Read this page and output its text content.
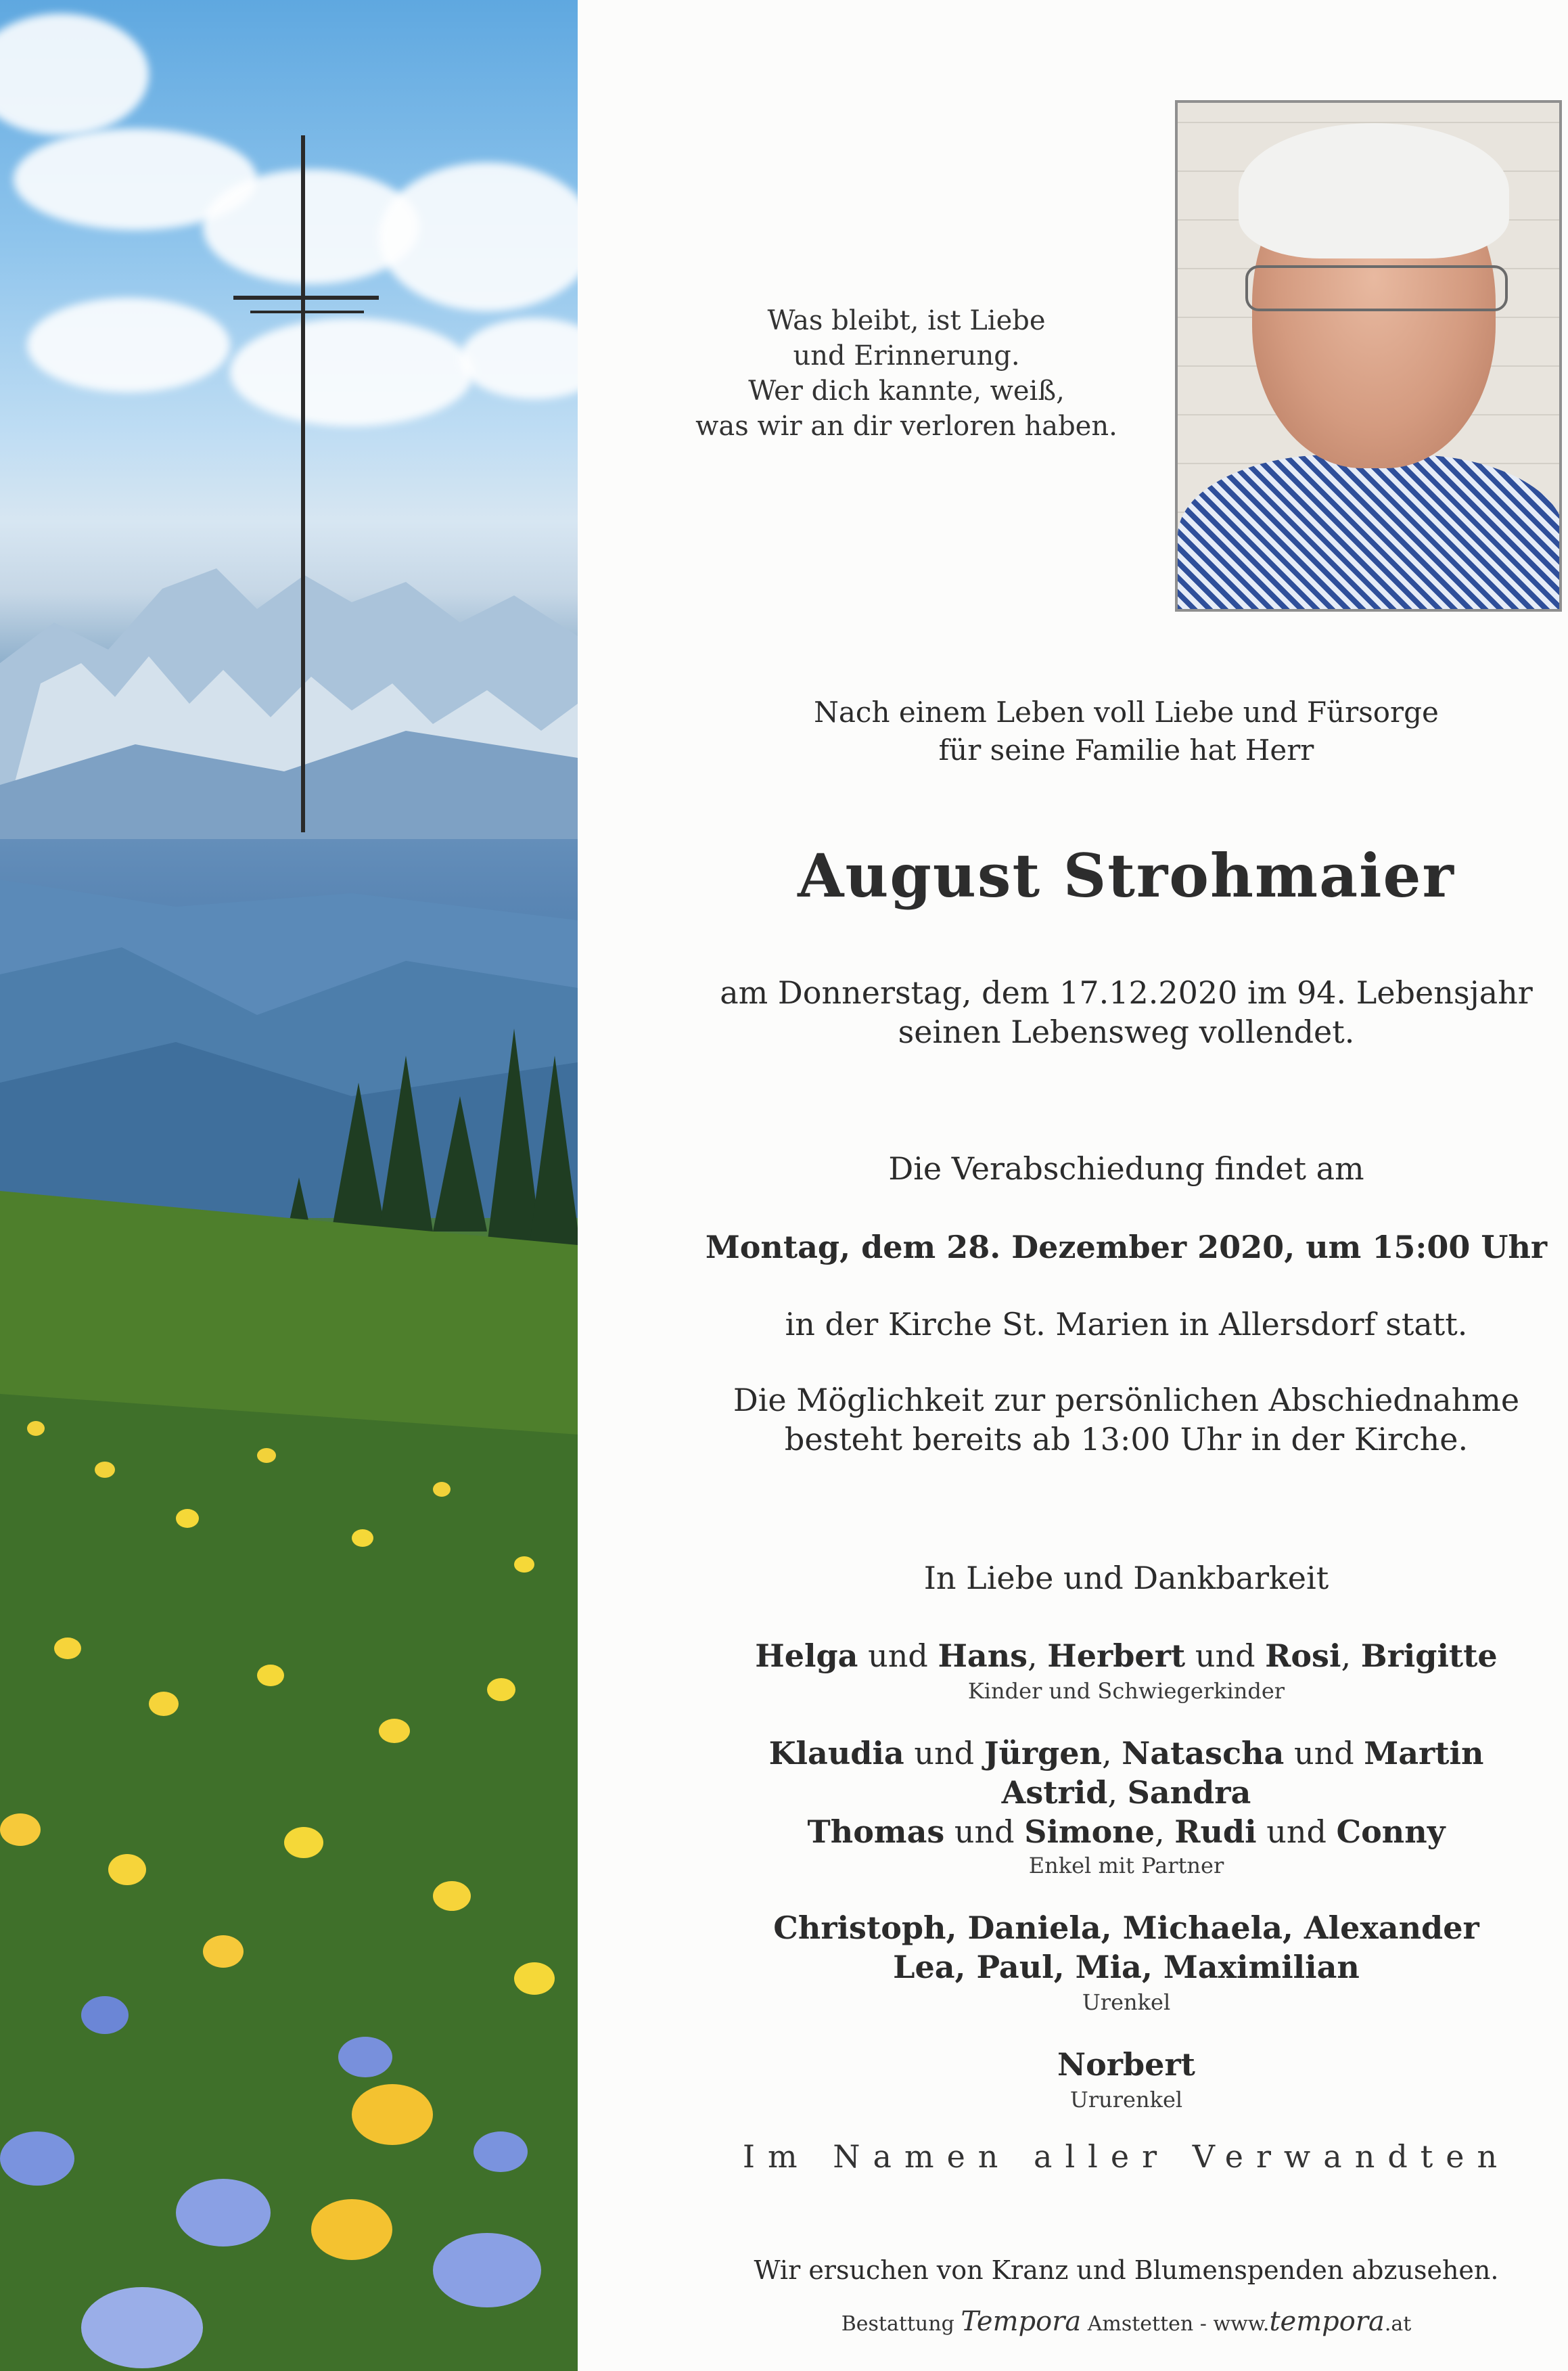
Was bleibt, ist Liebe
und Erinnerung.
Wer dich kannte, weiß,
was wir an dir verloren haben.
Nach einem Leben voll Liebe und Fürsorge
für seine Familie hat Herr
August Strohmaier
am Donnerstag, dem 17.12.2020 im 94. Lebensjahr
seinen Lebensweg vollendet.
Die Verabschiedung findet am
Montag, dem 28. Dezember 2020, um 15:00 Uhr
in der Kirche St. Marien in Allersdorf statt.
Die Möglichkeit zur persönlichen Abschiednahme
besteht bereits ab 13:00 Uhr in der Kirche.
In Liebe und Dankbarkeit
Helga und Hans, Herbert und Rosi, Brigitte
Kinder und Schwiegerkinder
Klaudia und Jürgen, Natascha und Martin
Astrid, Sandra
Thomas und Simone, Rudi und Conny
Enkel mit Partner
Christoph, Daniela, Michaela, Alexander
Lea, Paul, Mia, Maximilian
Urenkel
Norbert
Ururenkel
Im Namen aller Verwandten
Wir ersuchen von Kranz und Blumenspenden abzusehen.
Bestattung Tempora Amstetten - www.tempora.at
